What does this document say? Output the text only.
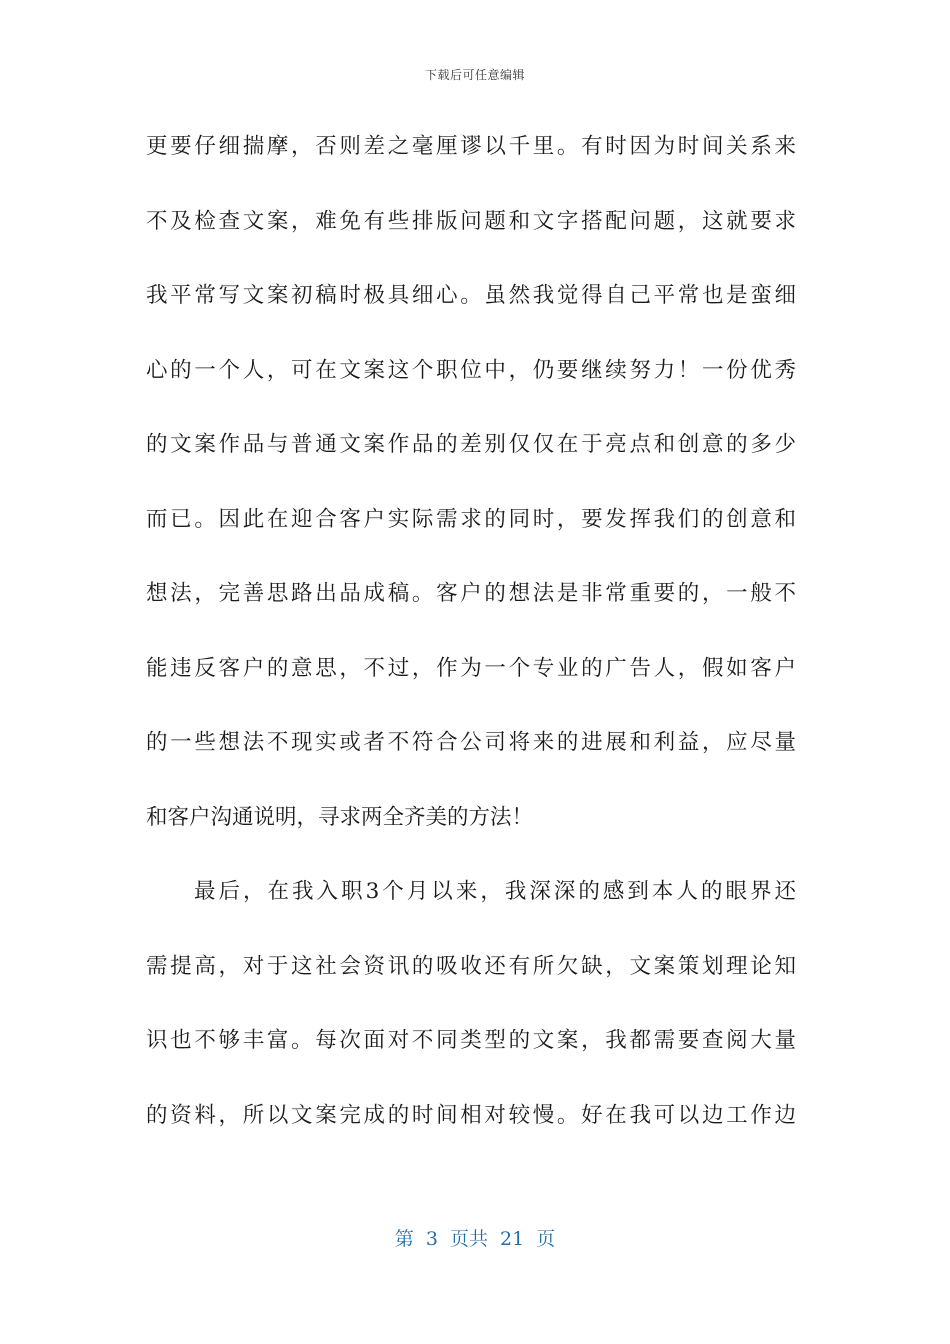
下载后可任意编辑
更要仔细揣摩，否则差之毫厘谬以千里。有时因为时间关系来
不及检查文案，难免有些排版问题和文字搭配问题，这就要求
我平常写文案初稿时极具细心。虽然我觉得自己平常也是蛮细
心的一个人，可在文案这个职位中，仍要继续努力！一份优秀
的文案作品与普通文案作品的差别仅仅在于亮点和创意的多少
而已。因此在迎合客户实际需求的同时，要发挥我们的创意和
想法，完善思路出品成稿。客户的想法是非常重要的，一般不
能违反客户的意思，不过，作为一个专业的广告人，假如客户
的一些想法不现实或者不符合公司将来的进展和利益，应尽量
和客户沟通说明，寻求两全齐美的方法！
最后，在我入职3个月以来，我深深的感到本人的眼界还
需提高，对于这社会资讯的吸收还有所欠缺，文案策划理论知
识也不够丰富。每次面对不同类型的文案，我都需要查阅大量
的资料，所以文案完成的时间相对较慢。好在我可以边工作边
第 3 页共 21 页
